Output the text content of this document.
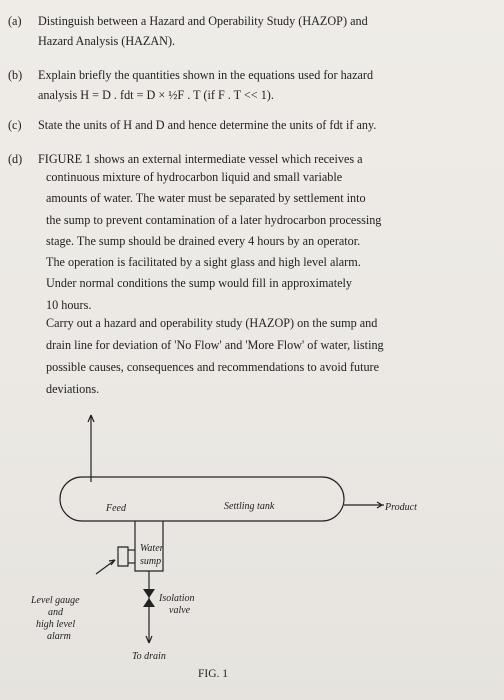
(a) Distinguish between a Hazard and Operability Study (HAZOP) and
Hazard Analysis (HAZAN).
(b) Explain briefly the quantities shown in the equations used for hazard
analysis H = D . fdt = D × ½F . T (if F . T << 1).
(c) State the units of H and D and hence determine the units of fdt if any.
(d) FIGURE 1 shows an external intermediate vessel which receives a
continuous mixture of hydrocarbon liquid and small variable
amounts of water. The water must be separated by settlement into
the sump to prevent contamination of a later hydrocarbon processing
stage. The sump should be drained every 4 hours by an operator.
The operation is facilitated by a sight glass and high level alarm.
Under normal conditions the sump would fill in approximately
10 hours.
Carry out a hazard and operability study (HAZOP) on the sump and
drain line for deviation of 'No Flow' and 'More Flow' of water, listing
possible causes, consequences and recommendations to avoid future
deviations.
Feed	Settling tank	Product
Water
sump
Level gauge
and
high level
alarm
Isolation
valve
To drain
FIG. 1
